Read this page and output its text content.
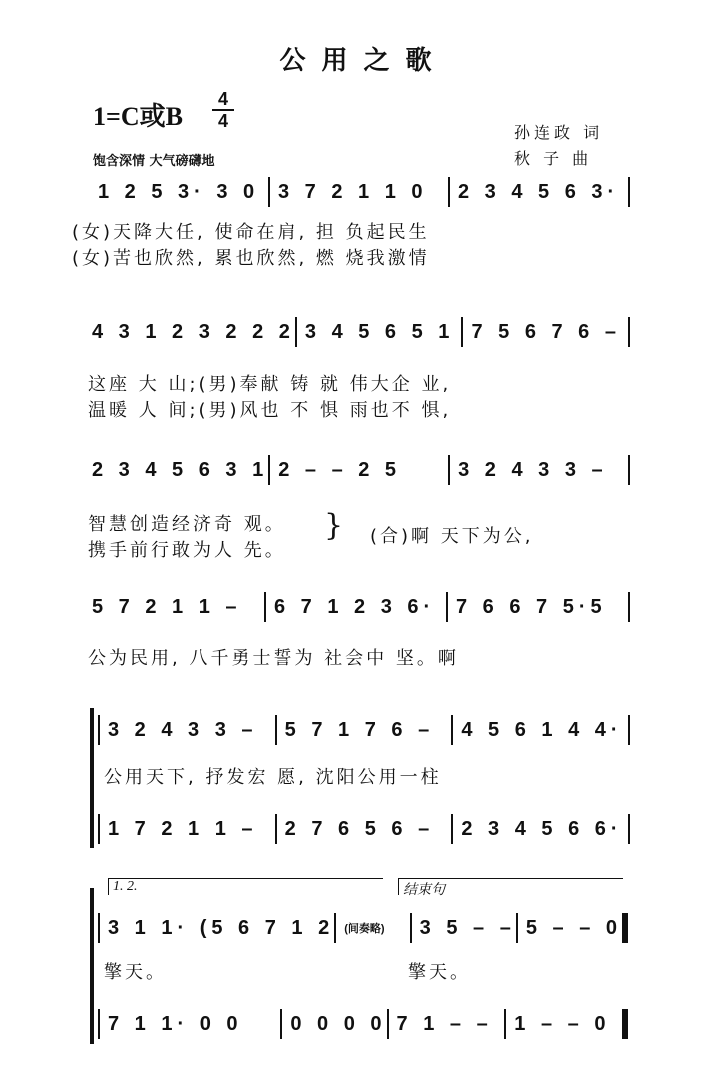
公用之歌
1=C或B
4
4
孙连政 词
秋 子 曲
饱含深情 大气磅礴地
1 2 5 3· 3 0 3 7 2 1 1 0	2 3 4 5 6 3·
(女)天降大任, 使命在肩, 担 负起民生
(女)苦也欣然, 累也欣然, 燃 烧我激情
4 3 1 2 3 2 2 2 3 4 5 6 5 1 7 5 6 7 6 –
这座 大 山;(男)奉献 铸 就 伟大企 业,
温暖 人 间;(男)风也 不 惧 雨也不 惧,
2 3 4 5 6 3 1 2 – – 2 5	3 2 4 3 3 –
智慧创造经济奇 观。
携手前行敢为人 先。
} (合)啊 天下为公,
5 7 2 1 1 –	6 7 1 2 3 6·	7 6 6 7 5·5
公为民用, 八千勇士誓为 社会中 坚。啊
3 2 4 3 3 –	5 7 1 7 6 –	4 5 6 1 4 4·
公用天下, 抒发宏 愿, 沈阳公用一柱
1 7 2 1 1 –	2 7 6 5 6 –	2 3 4 5 6 6·
1. 2.	结束句
3 1 1· (5 6 7 1 2 (间奏略)	3 5 – – 5 – – 0
擎天。	擎天。
7 1 1· 0 0	0 0 0 0 7 1 – –	1 – – 0
